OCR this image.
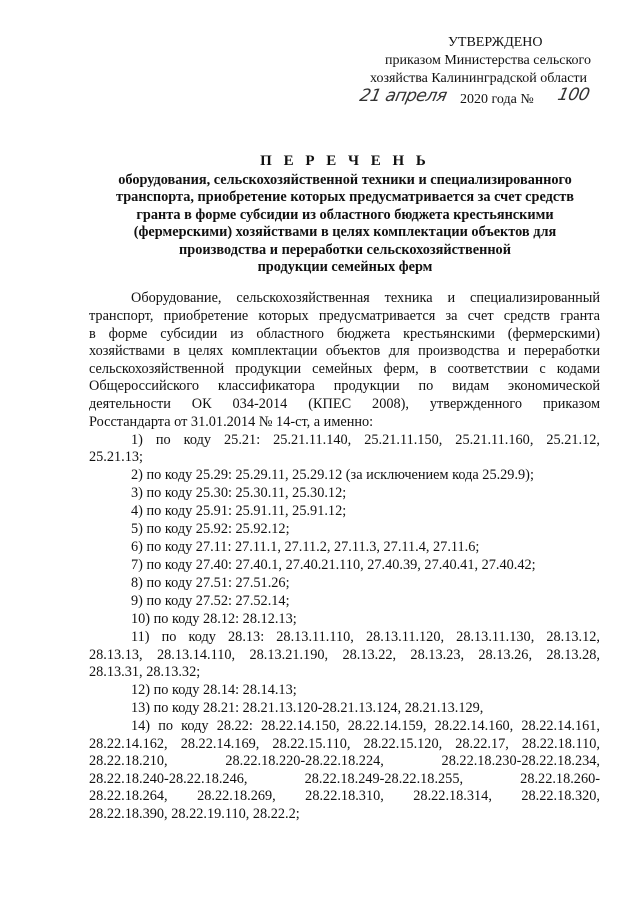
УТВЕРЖДЕНО
приказом Министерства сельского
хозяйства Калининградской области
21 апреля 2020 года № 100
П Е Р Е Ч Е Н Ь
оборудования, сельскохозяйственной техники и специализированного
транспорта, приобретение которых предусматривается за счет средств
гранта в форме субсидии из областного бюджета крестьянскими
(фермерскими) хозяйствами в целях комплектации объектов для
производства и переработки сельскохозяйственной
продукции семейных ферм
Оборудование, сельскохозяйственная техника и специализированный
транспорт, приобретение которых предусматривается за счет средств гранта
в форме субсидии из областного бюджета крестьянскими (фермерскими)
хозяйствами в целях комплектации объектов для производства и переработки
сельскохозяйственной продукции семейных ферм, в соответствии с кодами
Общероссийского классификатора продукции по видам экономической
деятельности ОК 034-2014 (КПЕС 2008), утвержденного приказом
Росстандарта от 31.01.2014 № 14-ст, а именно:
1) по коду 25.21: 25.21.11.140, 25.21.11.150, 25.21.11.160, 25.21.12,
25.21.13;
2) по коду 25.29: 25.29.11, 25.29.12 (за исключением кода 25.29.9);
3) по коду 25.30: 25.30.11, 25.30.12;
4) по коду 25.91: 25.91.11, 25.91.12;
5) по коду 25.92: 25.92.12;
6) по коду 27.11: 27.11.1, 27.11.2, 27.11.3, 27.11.4, 27.11.6;
7) по коду 27.40: 27.40.1, 27.40.21.110, 27.40.39, 27.40.41, 27.40.42;
8) по коду 27.51: 27.51.26;
9) по коду 27.52: 27.52.14;
10) по коду 28.12: 28.12.13;
11) по коду 28.13: 28.13.11.110, 28.13.11.120, 28.13.11.130, 28.13.12,
28.13.13, 28.13.14.110, 28.13.21.190, 28.13.22, 28.13.23, 28.13.26, 28.13.28,
28.13.31, 28.13.32;
12) по коду 28.14: 28.14.13;
13) по коду 28.21: 28.21.13.120-28.21.13.124, 28.21.13.129,
14) по коду 28.22: 28.22.14.150, 28.22.14.159, 28.22.14.160, 28.22.14.161,
28.22.14.162, 28.22.14.169, 28.22.15.110, 28.22.15.120, 28.22.17, 28.22.18.110,
28.22.18.210, 28.22.18.220-28.22.18.224, 28.22.18.230-28.22.18.234,
28.22.18.240-28.22.18.246, 28.22.18.249-28.22.18.255, 28.22.18.260-
28.22.18.264, 28.22.18.269, 28.22.18.310, 28.22.18.314, 28.22.18.320,
28.22.18.390, 28.22.19.110, 28.22.2;
